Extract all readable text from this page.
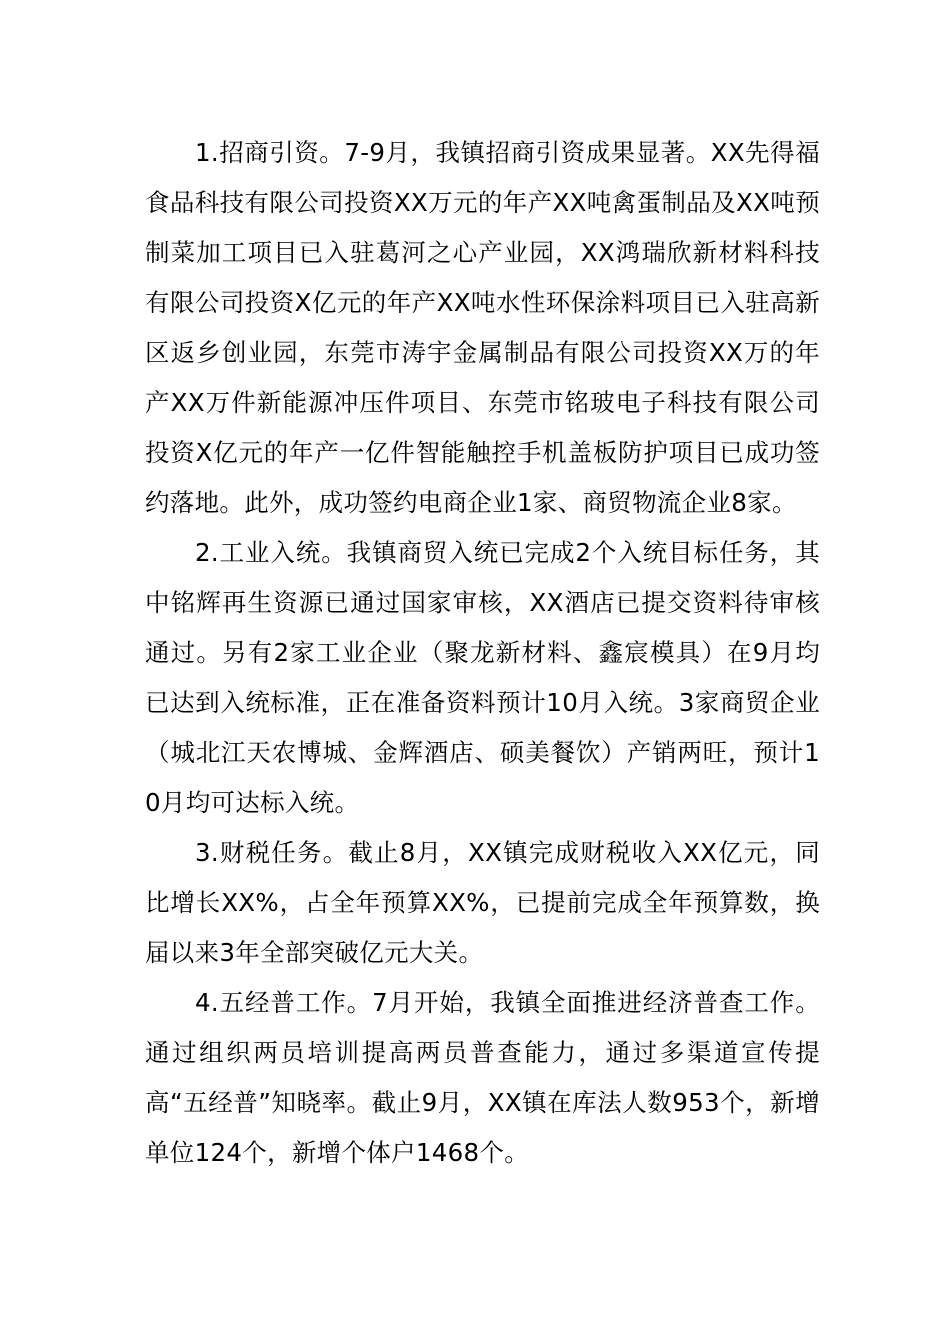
1.招商引资。7-9月，我镇招商引资成果显著。XX先得福食品科技有限公司投资XX万元的年产XX吨禽蛋制品及XX吨预制菜加工项目已入驻葛河之心产业园，XX鸿瑞欣新材料科技有限公司投资X亿元的年产XX吨水性环保涂料项目已入驻高新区返乡创业园，东莞市涛宇金属制品有限公司投资XX万的年产XX万件新能源冲压件项目、东莞市铭玻电子科技有限公司投资X亿元的年产一亿件智能触控手机盖板防护项目已成功签约落地。此外，成功签约电商企业1家、商贸物流企业8家。

2.工业入统。我镇商贸入统已完成2个入统目标任务，其中铭辉再生资源已通过国家审核，XX酒店已提交资料待审核通过。另有2家工业企业（聚龙新材料、鑫宸模具）在9月均已达到入统标准，正在准备资料预计10月入统。3家商贸企业（城北江天农博城、金辉酒店、硕美餐饮）产销两旺，预计10月均可达标入统。

3.财税任务。截止8月，XX镇完成财税收入XX亿元，同比增长XX%，占全年预算XX%，已提前完成全年预算数，换届以来3年全部突破亿元大关。

4.五经普工作。7月开始，我镇全面推进经济普查工作。通过组织两员培训提高两员普查能力，通过多渠道宣传提高“五经普”知晓率。截止9月，XX镇在库法人数953个，新增单位124个，新增个体户1468个。
